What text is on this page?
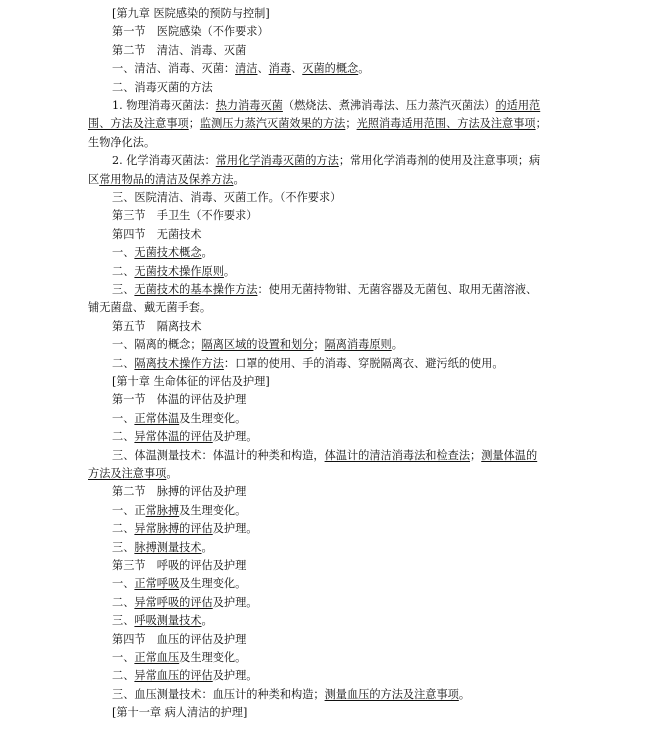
[第九章 医院感染的预防与控制]
第一节　医院感染（不作要求）
第二节　清洁、消毒、灭菌
一、清洁、消毒、灭菌：清洁、消毒、灭菌的概念。
二、消毒灭菌的方法
1. 物理消毒灭菌法：热力消毒灭菌（燃烧法、煮沸消毒法、压力蒸汽灭菌法）的适用范
围、方法及注意事项；监测压力蒸汽灭菌效果的方法；光照消毒适用范围、方法及注意事项；
生物净化法。
2. 化学消毒灭菌法：常用化学消毒灭菌的方法；常用化学消毒剂的使用及注意事项；病
区常用物品的清洁及保养方法。
三、医院清洁、消毒、灭菌工作。（不作要求）
第三节　手卫生（不作要求）
第四节　无菌技术
一、无菌技术概念。
二、无菌技术操作原则。
三、无菌技术的基本操作方法：使用无菌持物钳、无菌容器及无菌包、取用无菌溶液、
铺无菌盘、戴无菌手套。
第五节　隔离技术
一、隔离的概念；隔离区域的设置和划分；隔离消毒原则。
二、隔离技术操作方法：口罩的使用、手的消毒、穿脱隔离衣、避污纸的使用。
[第十章 生命体征的评估及护理]
第一节　体温的评估及护理
一、正常体温及生理变化。
二、异常体温的评估及护理。
三、体温测量技术：体温计的种类和构造，体温计的清洁消毒法和检查法；测量体温的
方法及注意事项。
第二节　脉搏的评估及护理
一、正常脉搏及生理变化。
二、异常脉搏的评估及护理。
三、脉搏测量技术。
第三节　呼吸的评估及护理
一、正常呼吸及生理变化。
二、异常呼吸的评估及护理。
三、呼吸测量技术。
第四节　血压的评估及护理
一、正常血压及生理变化。
二、异常血压的评估及护理。
三、血压测量技术：血压计的种类和构造；测量血压的方法及注意事项。
[第十一章 病人清洁的护理]
